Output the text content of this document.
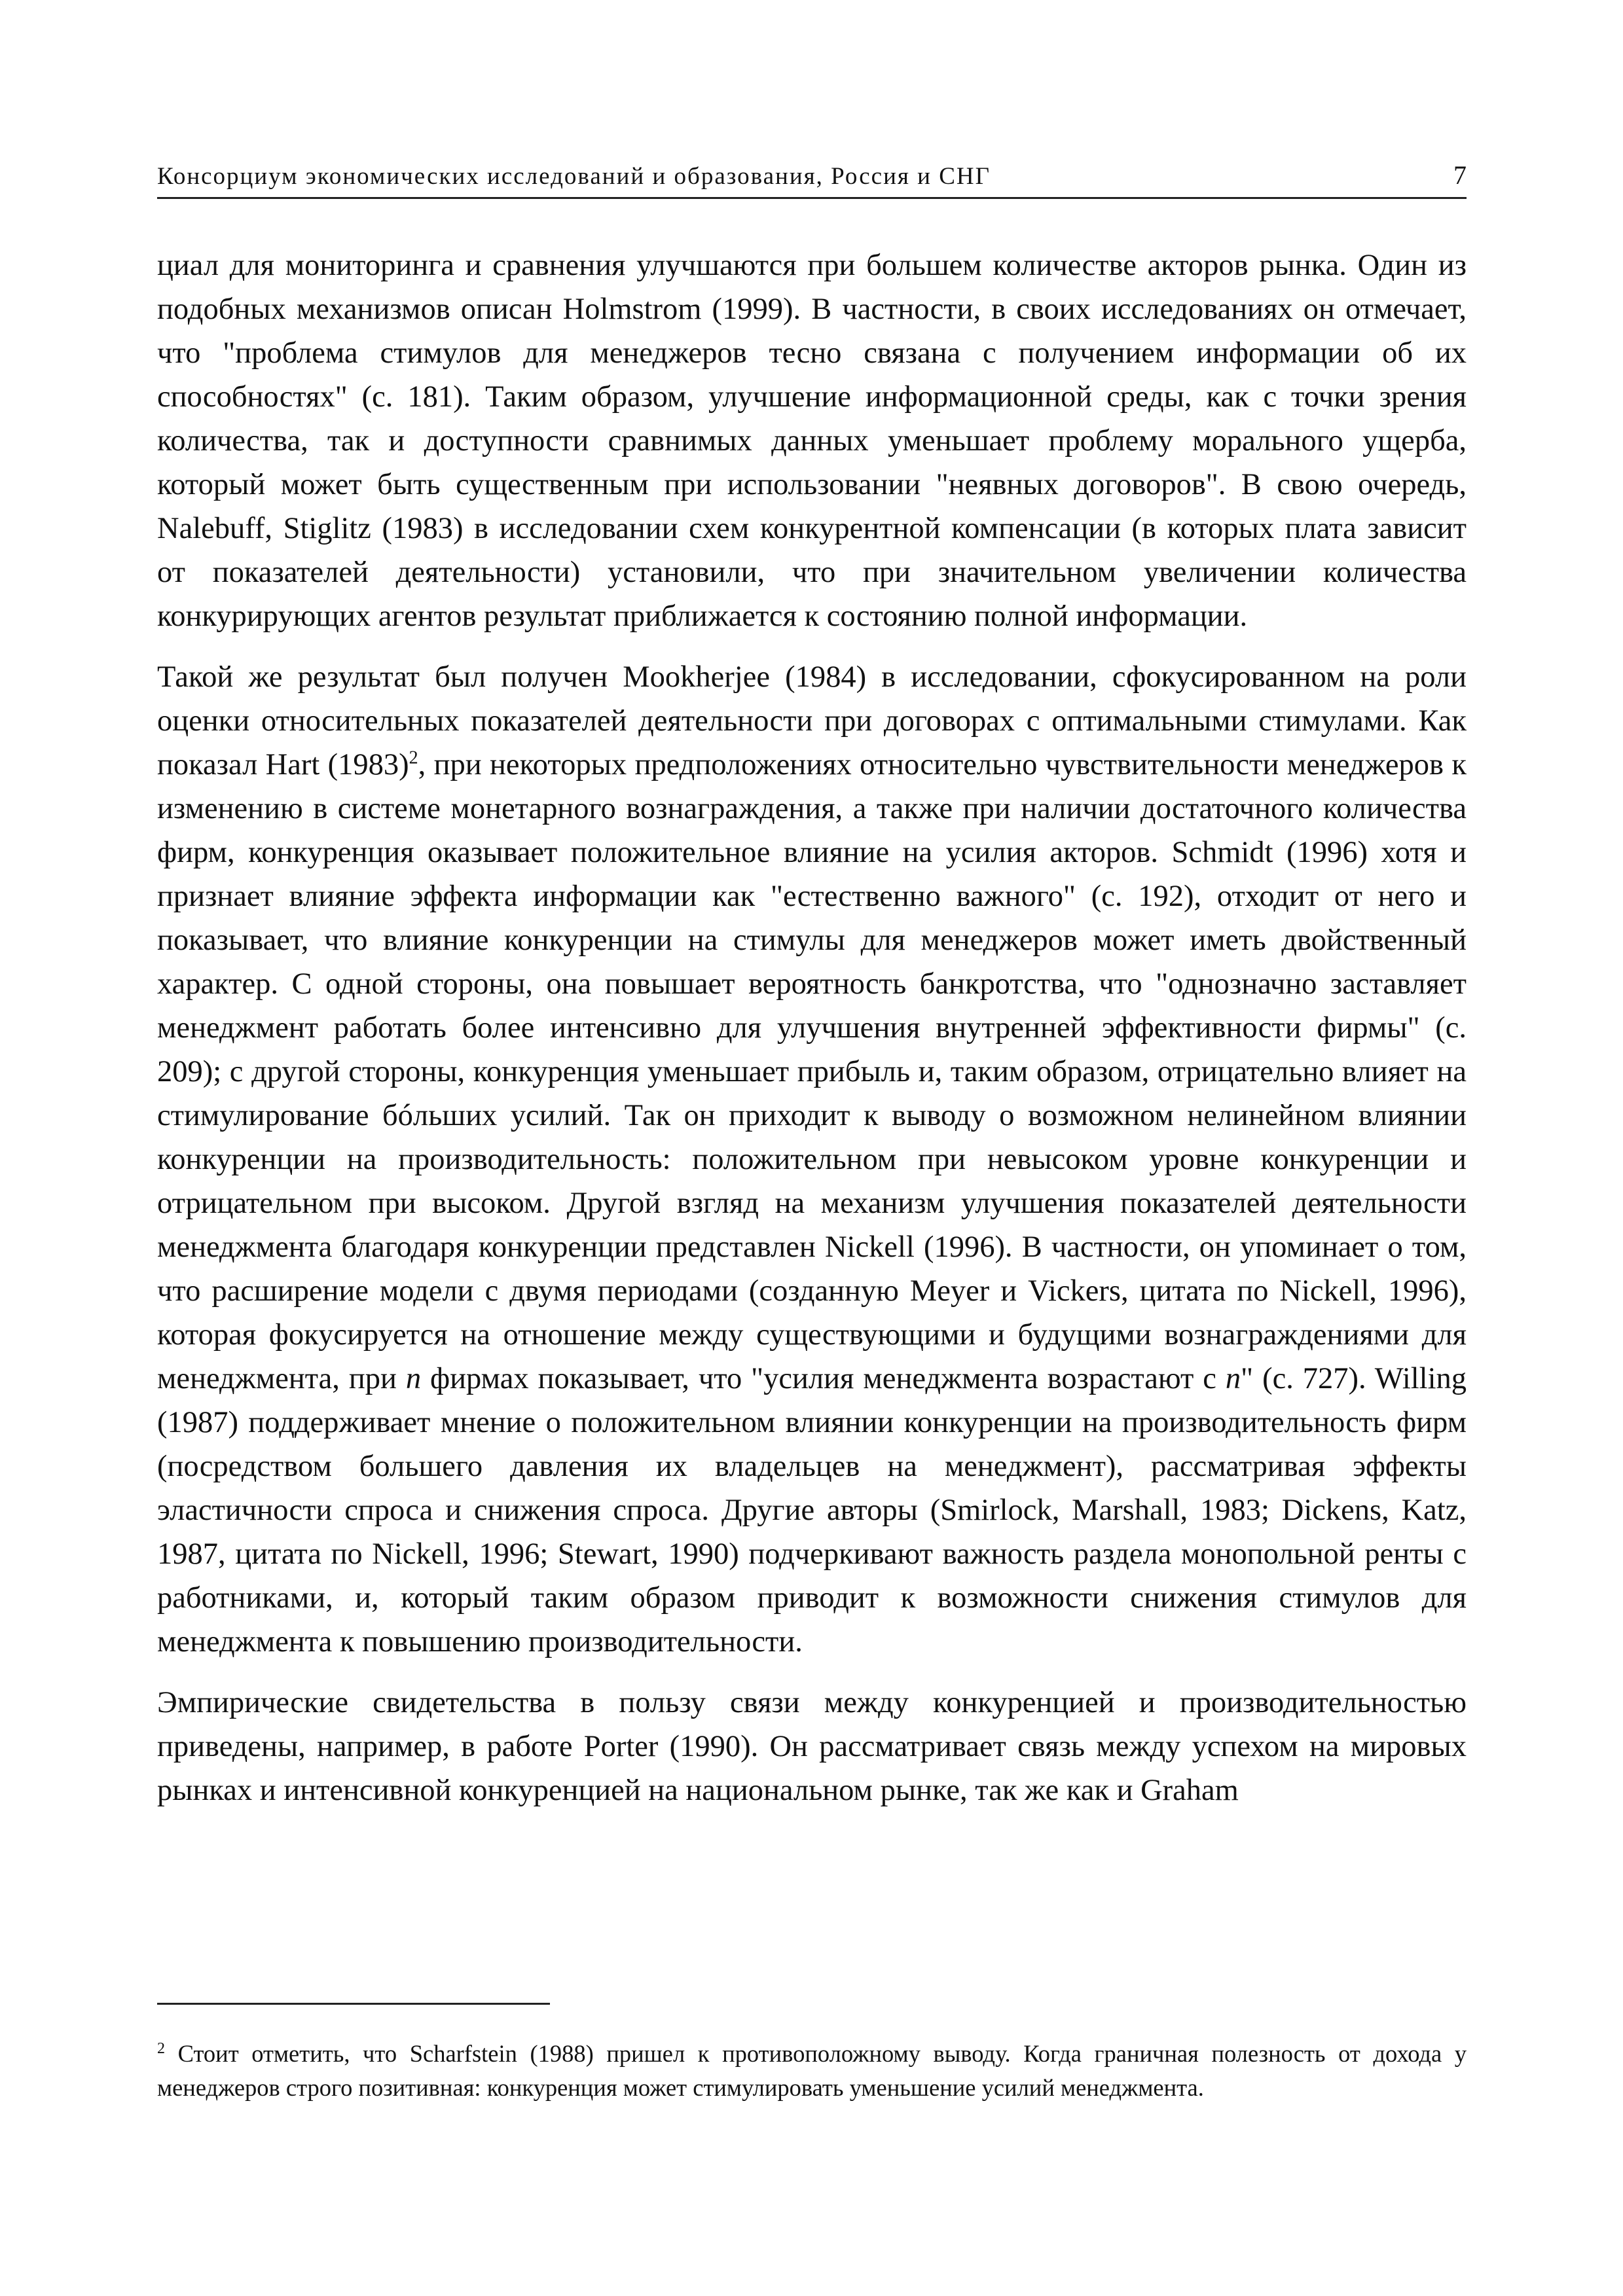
Консорциум экономических исследований и образования, Россия и СНГ	7

циал для мониторинга и сравнения улучшаются при большем количестве акторов рынка. Один из подобных механизмов описан Holmstrom (1999). В частности, в своих исследованиях он отмечает, что "проблема стимулов для менеджеров тесно связана с получением информации об их способностях" (с. 181). Таким образом, улучшение информационной среды, как с точки зрения количества, так и доступности сравнимых данных уменьшает проблему морального ущерба, который может быть существенным при использовании "неявных договоров". В свою очередь, Nalebuff, Stiglitz (1983) в исследовании схем конкурентной компенсации (в которых плата зависит от показателей деятельности) установили, что при значительном увеличении количества конкурирующих агентов результат приближается к состоянию полной информации.

Такой же результат был получен Mookherjee (1984) в исследовании, сфокусированном на роли оценки относительных показателей деятельности при договорах с оптимальными стимулами. Как показал Hart $(1983)^2$, при некоторых предположениях относительно чувствительности менеджеров к изменению в системе монетарного вознаграждения, а также при наличии достаточного количества фирм, конкуренция оказывает положительное влияние на усилия акторов. Schmidt (1996) хотя и признает влияние эффекта информации как "естественно важного" (с. 192), отходит от него и показывает, что влияние конкуренции на стимулы для менеджеров может иметь двойственный характер. С одной стороны, она повышает вероятность банкротства, что "однозначно заставляет менеджмент работать более интенсивно для улучшения внутренней эффективности фирмы" (с. 209); с другой стороны, конкуренция уменьшает прибыль и, таким образом, отрицательно влияет на стимулирование бóльших усилий. Так он приходит к выводу о возможном нелинейном влиянии конкуренции на производительность: положительном при невысоком уровне конкуренции и отрицательном при высоком. Другой взгляд на механизм улучшения показателей деятельности менеджмента благодаря конкуренции представлен Nickell (1996). В частности, он упоминает о том, что расширение модели с двумя периодами (созданную Meyer и Vickers, цитата по Nickell, 1996), которая фокусируется на отношение между существующими и будущими вознаграждениями для менеджмента, при n фирмах показывает, что "усилия менеджмента возрастают с n" (с. 727). Willing (1987) поддерживает мнение о положительном влиянии конкуренции на производительность фирм (посредством большего давления их владельцев на менеджмент), рассматривая эффекты эластичности спроса и снижения спроса. Другие авторы (Smirlock, Marshall, 1983; Dickens, Katz, 1987, цитата по Nickell, 1996; Stewart, 1990) подчеркивают важность раздела монопольной ренты с работниками, и, который таким образом приводит к возможности снижения стимулов для менеджмента к повышению производительности.

Эмпирические свидетельства в пользу связи между конкуренцией и производительностью приведены, например, в работе Porter (1990). Он рассматривает связь между успехом на мировых рынках и интенсивной конкуренцией на национальном рынке, так же как и Graham

$^2$ Стоит отметить, что Scharfstein (1988) пришел к противоположному выводу. Когда граничная полезность от дохода у менеджеров строго позитивная: конкуренция может стимулировать уменьшение усилий менеджмента.
